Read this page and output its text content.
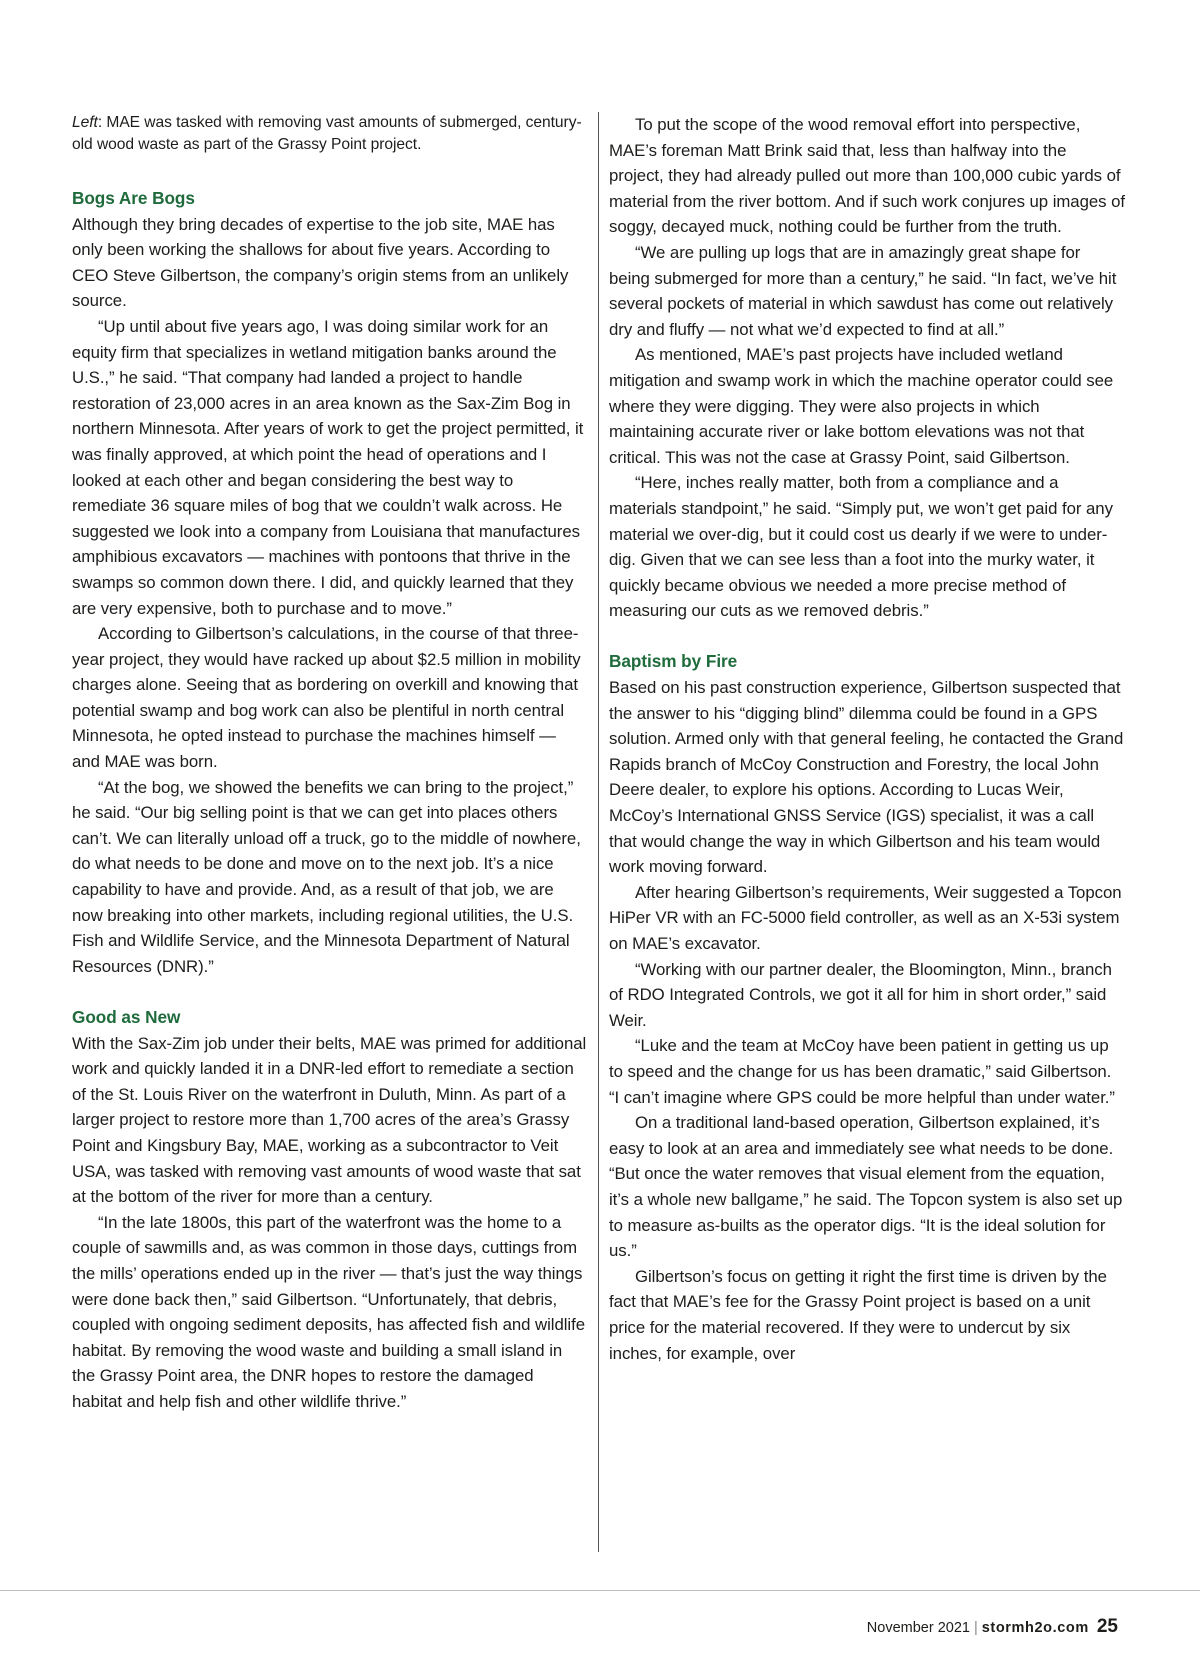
Left: MAE was tasked with removing vast amounts of submerged, century-old wood waste as part of the Grassy Point project.

Bogs Are Bogs

Although they bring decades of expertise to the job site, MAE has only been working the shallows for about five years. According to CEO Steve Gilbertson, the company’s origin stems from an unlikely source.

“Up until about five years ago, I was doing similar work for an equity firm that specializes in wetland mitigation banks around the U.S.,” he said. “That company had landed a project to handle restoration of 23,000 acres in an area known as the Sax-Zim Bog in northern Minnesota. After years of work to get the project permitted, it was finally approved, at which point the head of operations and I looked at each other and began considering the best way to remediate 36 square miles of bog that we couldn’t walk across. He suggested we look into a company from Louisiana that manufactures amphibious excavators — machines with pontoons that thrive in the swamps so common down there. I did, and quickly learned that they are very expensive, both to purchase and to move.”

According to Gilbertson’s calculations, in the course of that three-year project, they would have racked up about $2.5 million in mobility charges alone. Seeing that as bordering on overkill and knowing that potential swamp and bog work can also be plentiful in north central Minnesota, he opted instead to purchase the machines himself — and MAE was born.

“At the bog, we showed the benefits we can bring to the project,” he said. “Our big selling point is that we can get into places others can’t. We can literally unload off a truck, go to the middle of nowhere, do what needs to be done and move on to the next job. It’s a nice capability to have and provide. And, as a result of that job, we are now breaking into other markets, including regional utilities, the U.S. Fish and Wildlife Service, and the Minnesota Department of Natural Resources (DNR).”

Good as New

With the Sax-Zim job under their belts, MAE was primed for additional work and quickly landed it in a DNR-led effort to remediate a section of the St. Louis River on the waterfront in Duluth, Minn. As part of a larger project to restore more than 1,700 acres of the area’s Grassy Point and Kingsbury Bay, MAE, working as a subcontractor to Veit USA, was tasked with removing vast amounts of wood waste that sat at the bottom of the river for more than a century.

“In the late 1800s, this part of the waterfront was the home to a couple of sawmills and, as was common in those days, cuttings from the mills’ operations ended up in the river — that’s just the way things were done back then,” said Gilbertson. “Unfortunately, that debris, coupled with ongoing sediment deposits, has affected fish and wildlife habitat. By removing the wood waste and building a small island in the Grassy Point area, the DNR hopes to restore the damaged habitat and help fish and other wildlife thrive.”

To put the scope of the wood removal effort into perspective, MAE’s foreman Matt Brink said that, less than halfway into the project, they had already pulled out more than 100,000 cubic yards of material from the river bottom. And if such work conjures up images of soggy, decayed muck, nothing could be further from the truth.

“We are pulling up logs that are in amazingly great shape for being submerged for more than a century,” he said. “In fact, we’ve hit several pockets of material in which sawdust has come out relatively dry and fluffy — not what we’d expected to find at all.”

As mentioned, MAE’s past projects have included wetland mitigation and swamp work in which the machine operator could see where they were digging. They were also projects in which maintaining accurate river or lake bottom elevations was not that critical. This was not the case at Grassy Point, said Gilbertson.

“Here, inches really matter, both from a compliance and a materials standpoint,” he said. “Simply put, we won’t get paid for any material we over-dig, but it could cost us dearly if we were to under-dig. Given that we can see less than a foot into the murky water, it quickly became obvious we needed a more precise method of measuring our cuts as we removed debris.”

Baptism by Fire

Based on his past construction experience, Gilbertson suspected that the answer to his “digging blind” dilemma could be found in a GPS solution. Armed only with that general feeling, he contacted the Grand Rapids branch of McCoy Construction and Forestry, the local John Deere dealer, to explore his options. According to Lucas Weir, McCoy’s International GNSS Service (IGS) specialist, it was a call that would change the way in which Gilbertson and his team would work moving forward.

After hearing Gilbertson’s requirements, Weir suggested a Topcon HiPer VR with an FC-5000 field controller, as well as an X-53i system on MAE’s excavator.

“Working with our partner dealer, the Bloomington, Minn., branch of RDO Integrated Controls, we got it all for him in short order,” said Weir.

“Luke and the team at McCoy have been patient in getting us up to speed and the change for us has been dramatic,” said Gilbertson. “I can’t imagine where GPS could be more helpful than under water.”

On a traditional land-based operation, Gilbertson explained, it’s easy to look at an area and immediately see what needs to be done. “But once the water removes that visual element from the equation, it’s a whole new ballgame,” he said. The Topcon system is also set up to measure as-builts as the operator digs. “It is the ideal solution for us.”

Gilbertson’s focus on getting it right the first time is driven by the fact that MAE’s fee for the Grassy Point project is based on a unit price for the material recovered. If they were to undercut by six inches, for example, over

November 2021 | stormh2o.com 25
